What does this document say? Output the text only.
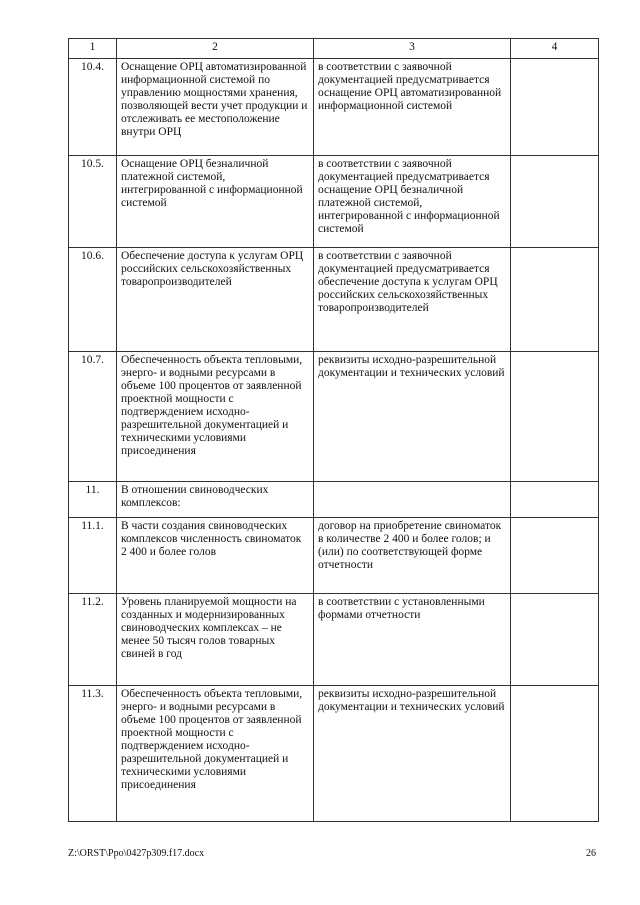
1	2	3	4
10.4.	Оснащение ОРЦ автоматизированной информационной системой по управлению мощностями хранения, позволяющей вести учет продукции и отслеживать ее местоположение внутри ОРЦ	в соответствии с заявочной документацией предусматривается оснащение ОРЦ автоматизированной информационной системой	
10.5.	Оснащение ОРЦ безналичной платежной системой, интегрированной с информационной системой	в соответствии с заявочной документацией предусматривается оснащение ОРЦ безналичной платежной системой, интегрированной с информационной системой	
10.6.	Обеспечение доступа к услугам ОРЦ российских сельскохозяйственных товаропроизводителей	в соответствии с заявочной документацией предусматривается обеспечение доступа к услугам ОРЦ российских сельскохозяйственных товаропроизводителей	
10.7.	Обеспеченность объекта тепловыми, энерго- и водными ресурсами в объеме 100 процентов от заявленной проектной мощности с подтверждением исходно-разрешительной документацией и техническими условиями присоединения	реквизиты исходно-разрешительной документации и технических условий	
11.	В отношении свиноводческих комплексов:		
11.1.	В части создания свиноводческих комплексов численность свиноматок 2 400 и более голов	договор на приобретение свиноматок в количестве 2 400 и более голов; и (или) по соответствующей форме отчетности	
11.2.	Уровень планируемой мощности на созданных и модернизированных свиноводческих комплексах – не менее 50 тысяч голов товарных свиней в год	в соответствии с установленными формами отчетности	
11.3.	Обеспеченность объекта тепловыми, энерго- и водными ресурсами в объеме 100 процентов от заявленной проектной мощности с подтверждением исходно-разрешительной документацией и техническими условиями присоединения	реквизиты исходно-разрешительной документации и технических условий	
Z:\ORST\Ppo\0427p309.f17.docx	26
